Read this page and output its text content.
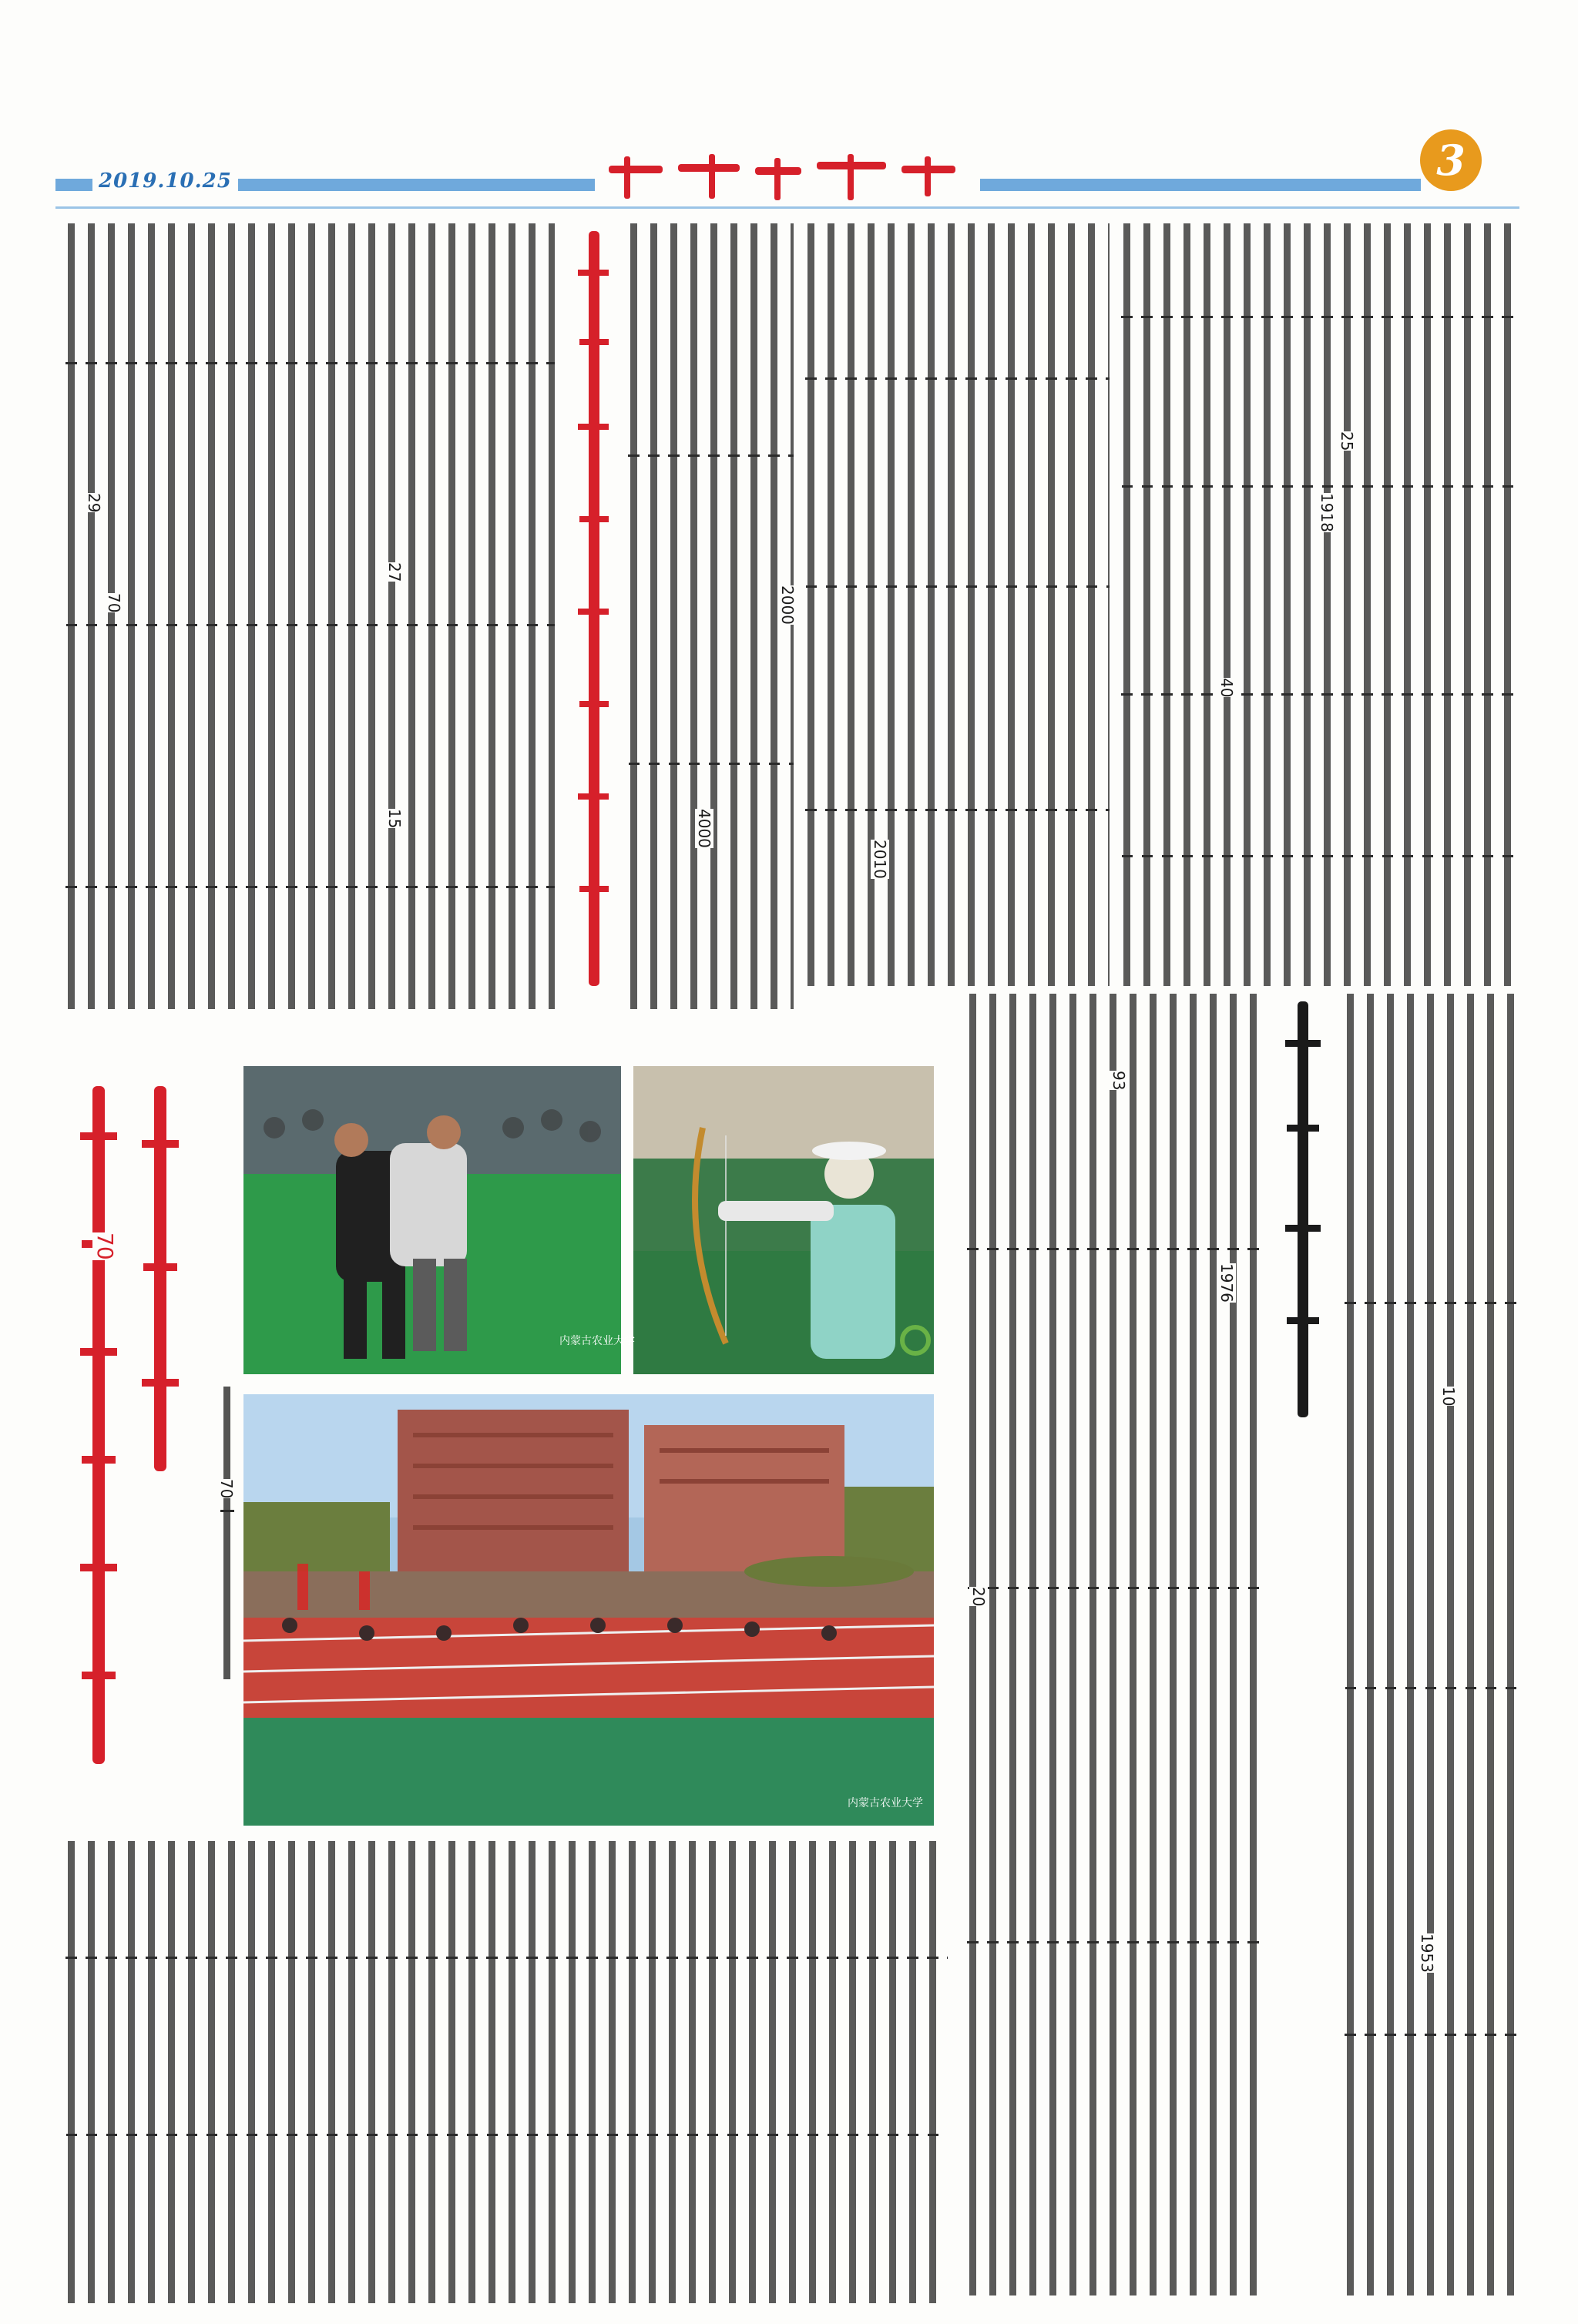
2019.10.25	3
1918
25
40
2010
4000
2000
29
70
27
15
1953
10
1976
93
20
内蒙古农业大学
内蒙古农业大学
70
70
